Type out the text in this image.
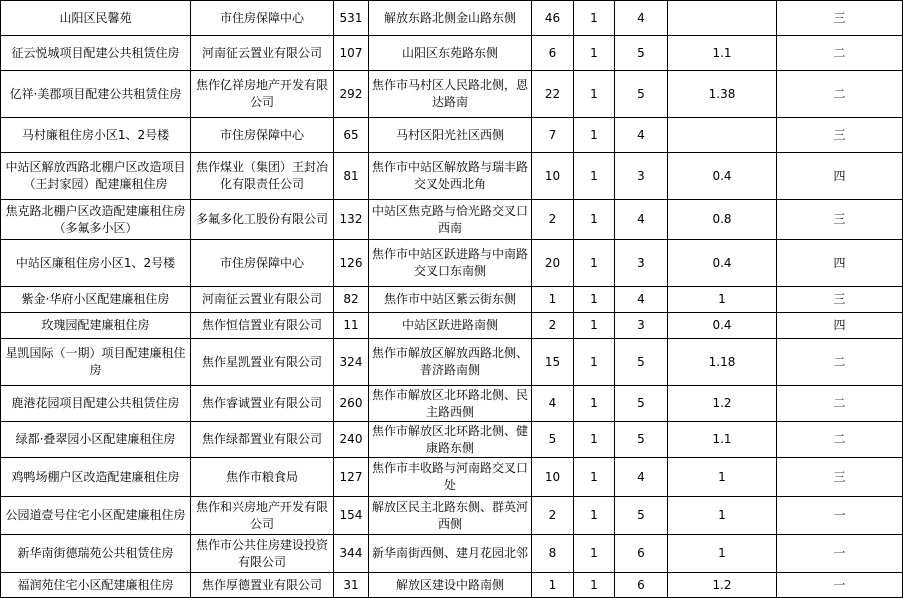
山阳区民馨苑	市住房保障中心	531	解放东路北侧金山路东侧	46	1	4		三
征云悦城项目配建公共租赁住房	河南征云置业有限公司	107	山阳区东苑路东侧	6	1	5	1.1	二
亿祥·美郡项目配建公共租赁住房	焦作亿祥房地产开发有限公司	292	焦作市马村区人民路北侧，恩达路南	22	1	5	1.38	二
马村廉租住房小区1、2号楼	市住房保障中心	65	马村区阳光社区西侧	7	1	4		三
中站区解放西路北棚户区改造项目（王封家园）配建廉租住房	焦作煤业（集团）王封冶化有限责任公司	81	焦作市中站区解放路与瑞丰路交叉处西北角	10	1	3	0.4	四
焦克路北棚户区改造配建廉租住房（多氟多小区）	多氟多化工股份有限公司	132	中站区焦克路与恰光路交叉口西南	2	1	4	0.8	三
中站区廉租住房小区1、2号楼	市住房保障中心	126	焦作市中站区跃进路与中南路交叉口东南侧	20	1	3	0.4	四
紫金·华府小区配建廉租住房	河南征云置业有限公司	82	焦作市中站区紫云街东侧	1	1	4	1	三
玫瑰园配建廉租住房	焦作恒信置业有限公司	11	中站区跃进路南侧	2	1	3	0.4	四
星凯国际（一期）项目配建廉租住房	焦作星凯置业有限公司	324	焦作市解放区解放西路北侧、普济路南侧	15	1	5	1.18	二
鹿港花园项目配建公共租赁住房	焦作睿诚置业有限公司	260	焦作市解放区北环路北侧、民主路西侧	4	1	5	1.2	二
绿都·叠翠园小区配建廉租住房	焦作绿都置业有限公司	240	焦作市解放区北环路北侧、健康路东侧	5	1	5	1.1	二
鸡鸭场棚户区改造配建廉租住房	焦作市粮食局	127	焦作市丰收路与河南路交叉口处	10	1	4	1	三
公园道壹号住宅小区配建廉租住房	焦作和兴房地产开发有限公司	154	解放区民主北路东侧、群英河西侧	2	1	5	1	一
新华南街德瑞苑公共租赁住房	焦作市公共住房建设投资有限公司	344	新华南街西侧、建月花园北邻	8	1	6	1	一
福润苑住宅小区配建廉租住房	焦作厚德置业有限公司	31	解放区建设中路南侧	1	1	6	1.2	一
